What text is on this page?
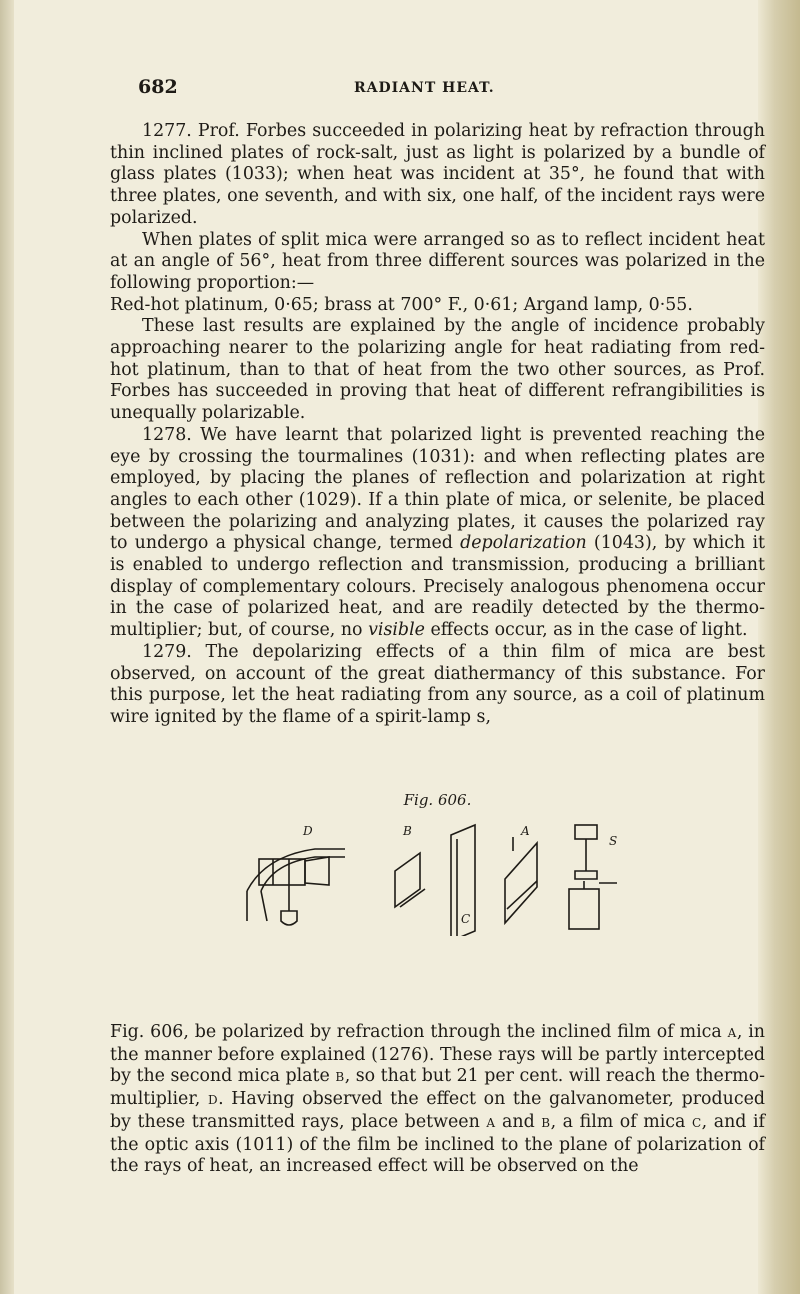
682	RADIANT HEAT.

1277. Prof. Forbes succeeded in polarizing heat by refraction through thin inclined plates of rock-salt, just as light is polarized by a bundle of glass plates (1033); when heat was incident at 35°, he found that with three plates, one seventh, and with six, one half, of the incident rays were polarized.

When plates of split mica were arranged so as to reflect incident heat at an angle of 56°, heat from three different sources was polarized in the following proportion:—

Red-hot platinum, 0·65; brass at 700° F., 0·61; Argand lamp, 0·55.

These last results are explained by the angle of incidence probably approaching nearer to the polarizing angle for heat radiating from red-hot platinum, than to that of heat from the two other sources, as Prof. Forbes has succeeded in proving that heat of different refrangibilities is unequally polarizable.

1278. We have learnt that polarized light is prevented reaching the eye by crossing the tourmalines (1031): and when reflecting plates are employed, by placing the planes of reflection and polarization at right angles to each other (1029). If a thin plate of mica, or selenite, be placed between the polarizing and analyzing plates, it causes the polarized ray to undergo a physical change, termed depolarization (1043), by which it is enabled to undergo reflection and transmission, producing a brilliant display of complementary colours. Precisely analogous phenomena occur in the case of polarized heat, and are readily detected by the thermo-multiplier; but, of course, no visible effects occur, as in the case of light.

1279. The depolarizing effects of a thin film of mica are best observed, on account of the great diathermancy of this substance. For this purpose, let the heat radiating from any source, as a coil of platinum wire ignited by the flame of a spirit-lamp s,

Fig. 606.
D	B
C
A
S

Fig. 606, be polarized by refraction through the inclined film of mica A, in the manner before explained (1276). These rays will be partly intercepted by the second mica plate B, so that but 21 per cent. will reach the thermo-multiplier, D. Having observed the effect on the galvanometer, produced by these transmitted rays, place between A and B, a film of mica C, and if the optic axis (1011) of the film be inclined to the plane of polarization of the rays of heat, an increased effect will be observed on the
